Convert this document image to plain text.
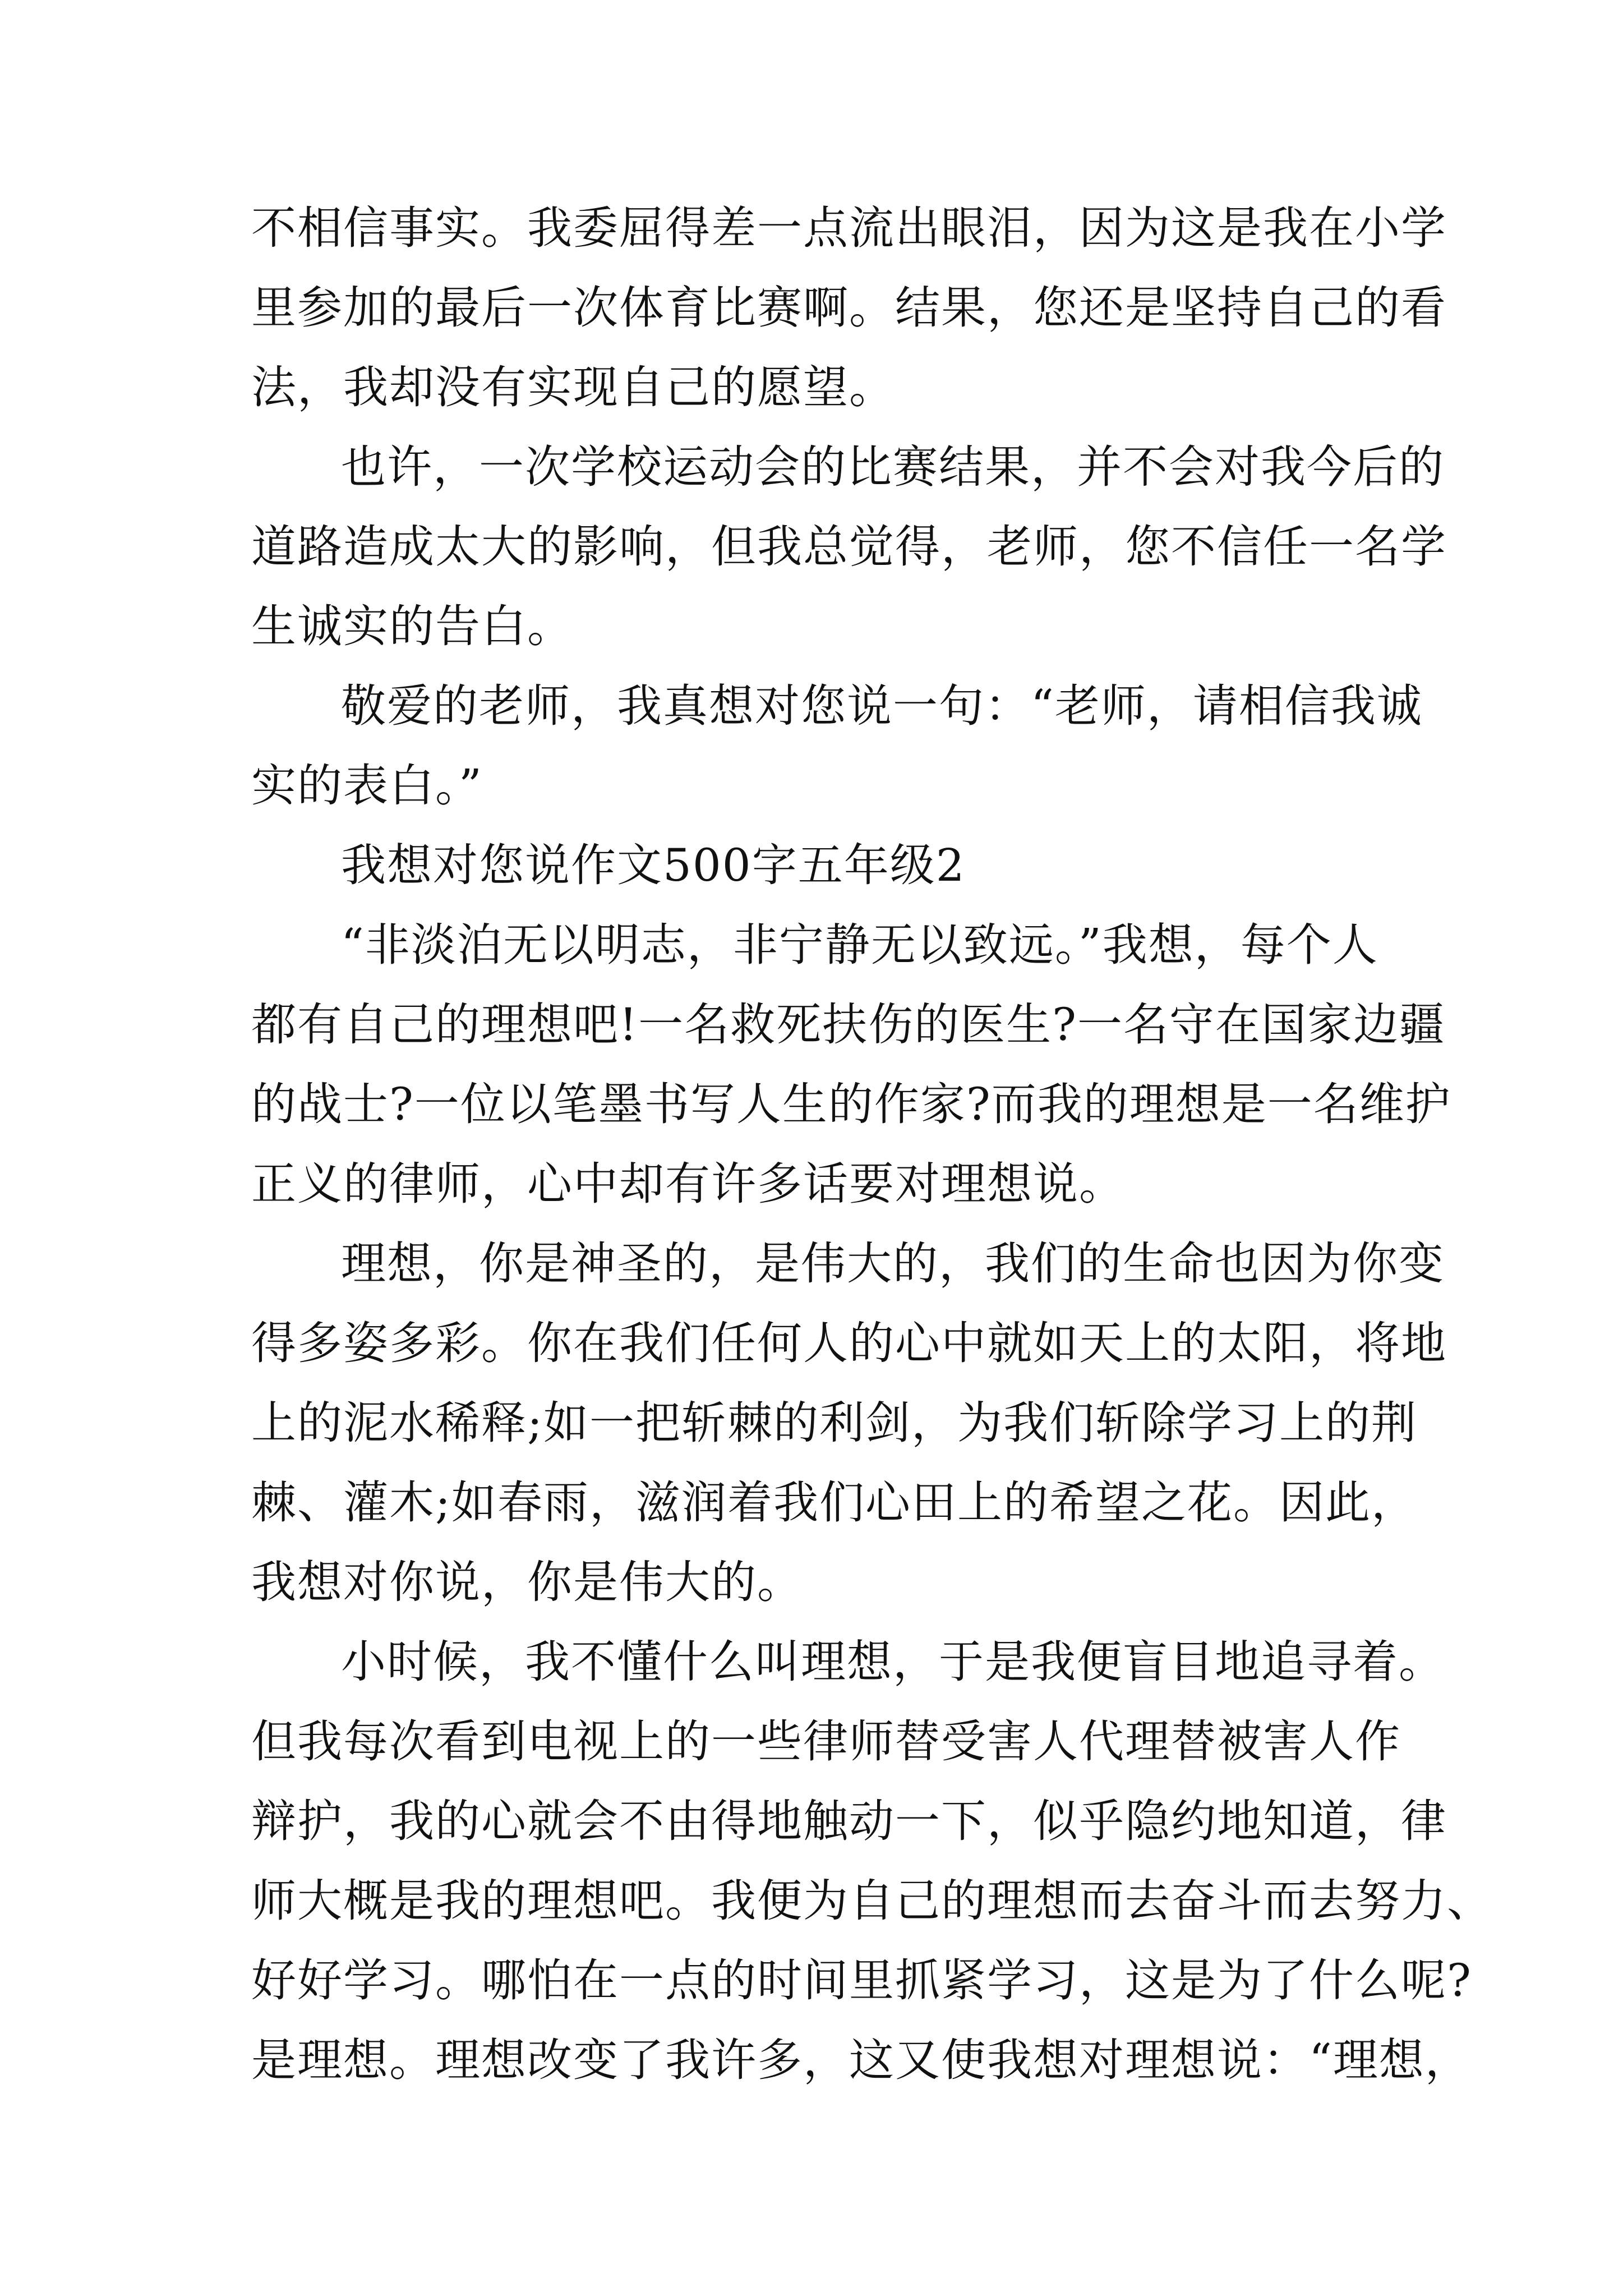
不相信事实。我委屈得差一点流出眼泪，因为这是我在小学
里参加的最后一次体育比赛啊。结果，您还是坚持自己的看
法，我却没有实现自己的愿望。
也许，一次学校运动会的比赛结果，并不会对我今后的
道路造成太大的影响，但我总觉得，老师，您不信任一名学
生诚实的告白。
敬爱的老师，我真想对您说一句：“老师，请相信我诚
实的表白。”
我想对您说作文500字五年级2
“非淡泊无以明志，非宁静无以致远。”我想，每个人
都有自己的理想吧!一名救死扶伤的医生?一名守在国家边疆
的战士?一位以笔墨书写人生的作家?而我的理想是一名维护
正义的律师，心中却有许多话要对理想说。
理想，你是神圣的，是伟大的，我们的生命也因为你变
得多姿多彩。你在我们任何人的心中就如天上的太阳，将地
上的泥水稀释;如一把斩棘的利剑，为我们斩除学习上的荆
棘、灌木;如春雨，滋润着我们心田上的希望之花。因此，
我想对你说，你是伟大的。
小时候，我不懂什么叫理想，于是我便盲目地追寻着。
但我每次看到电视上的一些律师替受害人代理替被害人作
辩护，我的心就会不由得地触动一下，似乎隐约地知道，律
师大概是我的理想吧。我便为自己的理想而去奋斗而去努力、
好好学习。哪怕在一点的时间里抓紧学习，这是为了什么呢?
是理想。理想改变了我许多，这又使我想对理想说：“理想，
